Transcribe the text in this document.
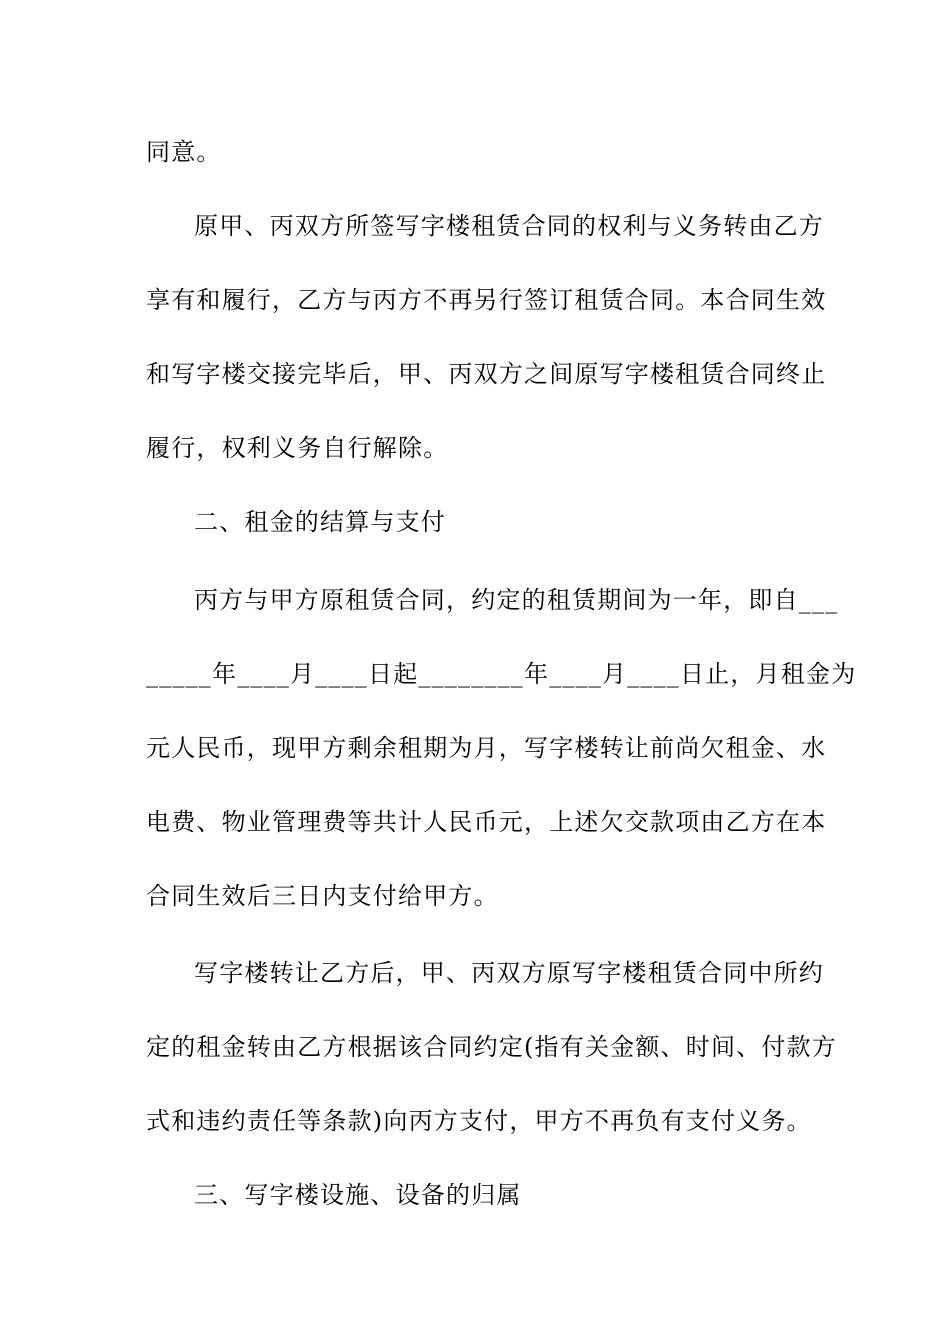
同意。
原甲、丙双方所签写字楼租赁合同的权利与义务转由乙方
享有和履行，乙方与丙方不再另行签订租赁合同。本合同生效
和写字楼交接完毕后，甲、丙双方之间原写字楼租赁合同终止
履行，权利义务自行解除。
二、租金的结算与支付
丙方与甲方原租赁合同，约定的租赁期间为一年，即自___
_____年____月____日起________年____月____日止，月租金为
元人民币，现甲方剩余租期为月，写字楼转让前尚欠租金、水
电费、物业管理费等共计人民币元，上述欠交款项由乙方在本
合同生效后三日内支付给甲方。
写字楼转让乙方后，甲、丙双方原写字楼租赁合同中所约
定的租金转由乙方根据该合同约定(指有关金额、时间、付款方
式和违约责任等条款)向丙方支付，甲方不再负有支付义务。
三、写字楼设施、设备的归属
